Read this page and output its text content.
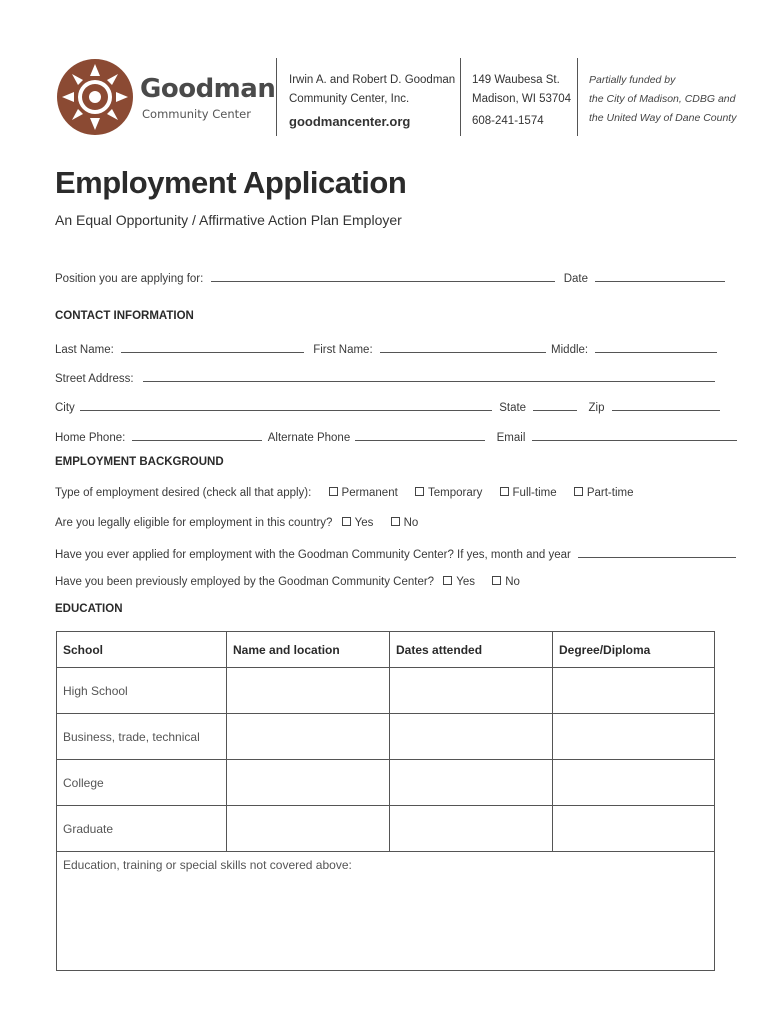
Goodman
Community Center
Irwin A. and Robert D. Goodman
Community Center, Inc.
goodmancenter.org
149 Waubesa St.
Madison, WI 53704
608-241-1574
Partially funded by
the City of Madison, CDBG and
the United Way of Dane County
Employment Application
An Equal Opportunity / Affirmative Action Plan Employer
Position you are applying for:	Date
CONTACT INFORMATION
Last Name:	First Name:	Middle:
Street Address:
City	State	Zip
Home Phone:	Alternate Phone	Email
EMPLOYMENT BACKGROUND
Type of employment desired (check all that apply):	Permanent	Temporary	Full-time	Part-time
Are you legally eligible for employment in this country? Yes	No
Have you ever applied for employment with the Goodman Community Center? If yes, month and year
Have you been previously employed by the Goodman Community Center? Yes	No
EDUCATION
School	Name and location	Dates attended	Degree/Diploma
High School			
Business, trade, technical			
College			
Graduate			
Education, training or special skills not covered above:			
